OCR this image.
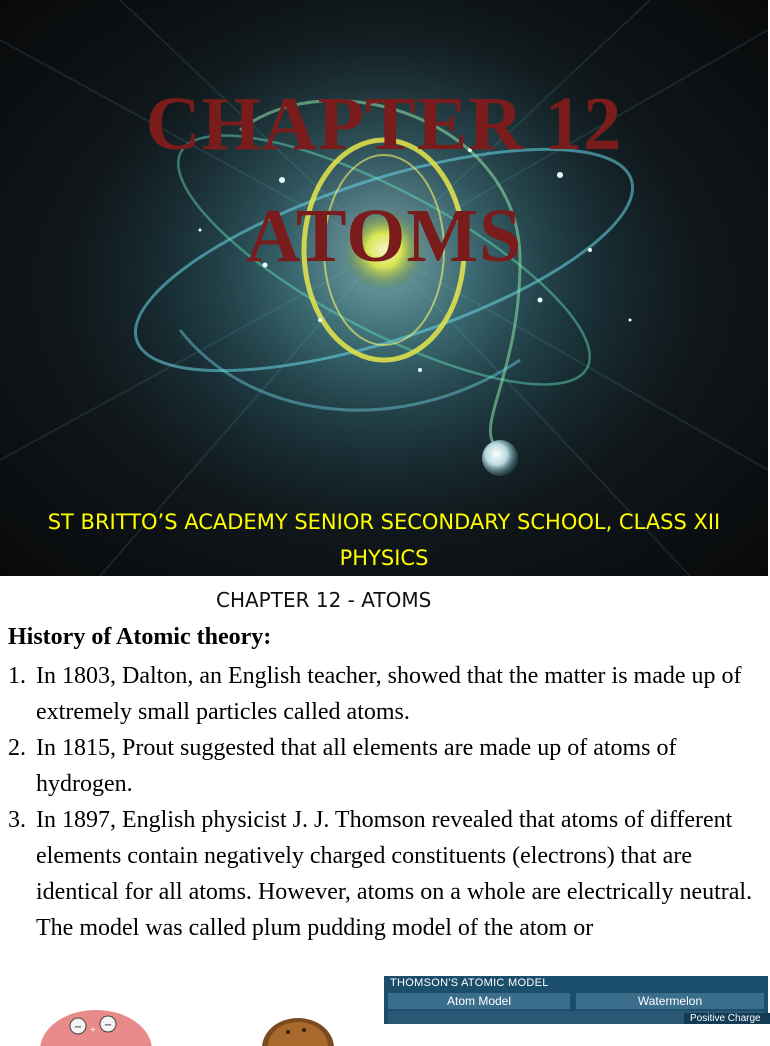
CHAPTER 12
ATOMS
ST BRITTO’S ACADEMY SENIOR SECONDARY SCHOOL, CLASS XII PHYSICS
CHAPTER 12 - ATOMS
History of Atomic theory:
1. In 1803, Dalton, an English teacher, showed that the matter is made up of extremely small particles called atoms.
2. In 1815, Prout suggested that all elements are made up of atoms of hydrogen.
3. In 1897, English physicist J. J. Thomson revealed that atoms of different elements contain negatively charged constituents (electrons) that are identical for all atoms. However, atoms on a whole are electrically neutral. The model was called plum pudding model of the atom or
− −
+
THOMSON'S ATOMIC MODEL
Atom Model	Watermelon
Positive Charge
